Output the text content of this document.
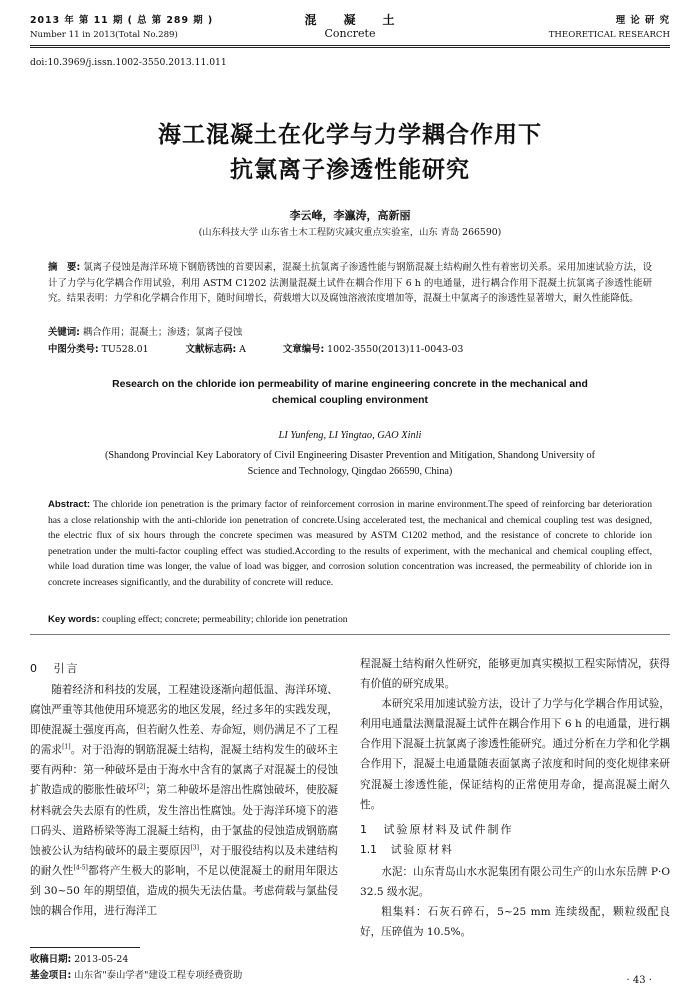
2013 年 第 11 期 ( 总 第 289 期 )
Number 11 in 2013(Total No.289)
混　　凝　　土
Concrete
理 论 研 究
THEORETICAL RESEARCH
doi:10.3969/j.issn.1002-3550.2013.11.011
海工混凝土在化学与力学耦合作用下
抗氯离子渗透性能研究
李云峰，李瀛涛，高新丽
(山东科技大学 山东省土木工程防灾减灾重点实验室，山东 青岛 266590)
摘　要: 氯离子侵蚀是海洋环境下钢筋锈蚀的首要因素，混凝土抗氯离子渗透性能与钢筋混凝土结构耐久性有着密切关系。采用加速试验方法，设计了力学与化学耦合作用试验，利用 ASTM C1202 法测量混凝土试件在耦合作用下 6 h 的电通量，进行耦合作用下混凝土抗氯离子渗透性能研究。结果表明：力学和化学耦合作用下，随时间增长，荷载增大以及腐蚀溶液浓度增加等，混凝土中氯离子的渗透性显著增大，耐久性能降低。
关键词: 耦合作用；混凝土；渗透；氯离子侵蚀
中图分类号: TU528.01	文献标志码: A	文章编号: 1002-3550(2013)11-0043-03
Research on the chloride ion permeability of marine engineering concrete in the mechanical and
chemical coupling environment
LI Yunfeng, LI Yingtao, GAO Xinli
(Shandong Provincial Key Laboratory of Civil Engineering Disaster Prevention and Mitigation, Shandong University of
Science and Technology, Qingdao 266590, China)
Abstract: The chloride ion penetration is the primary factor of reinforcement corrosion in marine environment.The speed of reinforcing bar deterioration has a close relationship with the anti-chloride ion penetration of concrete.Using accelerated test, the mechanical and chemical coupling test was designed, the electric flux of six hours through the concrete specimen was measured by ASTM C1202 method, and the resistance of concrete to chloride ion penetration under the multi-factor coupling effect was studied.According to the results of experiment, with the mechanical and chemical coupling effect, while load duration time was longer, the value of load was bigger, and corrosion solution concentration was increased, the permeability of chloride ion in concrete increases significantly, and the durability of concrete will reduce.
Key words: coupling effect; concrete; permeability; chloride ion penetration
0  引言

随着经济和科技的发展，工程建设逐渐向超低温、海洋环境、腐蚀严重等其他使用环境恶劣的地区发展，经过多年的实践发现，即使混凝土强度再高，但若耐久性差、寿命短，则仍满足不了工程的需求[1]。对于沿海的钢筋混凝土结构，混凝土结构发生的破坏主要有两种：第一种破坏是由于海水中含有的氯离子对混凝土的侵蚀扩散造成的膨胀性破坏[2]；第二种破坏是溶出性腐蚀破坏，使胶凝材料就会失去原有的性质，发生溶出性腐蚀。处于海洋环境下的港口码头、道路桥梁等海工混凝土结构，由于氯盐的侵蚀造成钢筋腐蚀被公认为结构破坏的最主要原因[3]，对于服役结构以及未建结构的耐久性[4-5]都将产生极大的影响，不足以使混凝土的耐用年限达到 30~50 年的期望值，造成的损失无法估量。考虑荷载与氯盐侵蚀的耦合作用，进行海洋工

收稿日期: 2013-05-24
基金项目: 山东省"泰山学者"建设工程专项经费资助

程混凝土结构耐久性研究，能够更加真实模拟工程实际情况，获得有价值的研究成果。

本研究采用加速试验方法，设计了力学与化学耦合作用试验，利用电通量法测量混凝土试件在耦合作用下 6 h 的电通量，进行耦合作用下混凝土抗氯离子渗透性能研究。通过分析在力学和化学耦合作用下，混凝土电通量随表面氯离子浓度和时间的变化规律来研究混凝土渗透性能，保证结构的正常使用寿命，提高混凝土耐久性。

1  试验原材料及试件制作
1.1  试验原材料

水泥：山东青岛山水水泥集团有限公司生产的山水东岳牌 P·O 32.5 级水泥。

粗集料：石灰石碎石，5~25 mm 连续级配，颗粒级配良好，压碎值为 10.5%。

· 43 ·
